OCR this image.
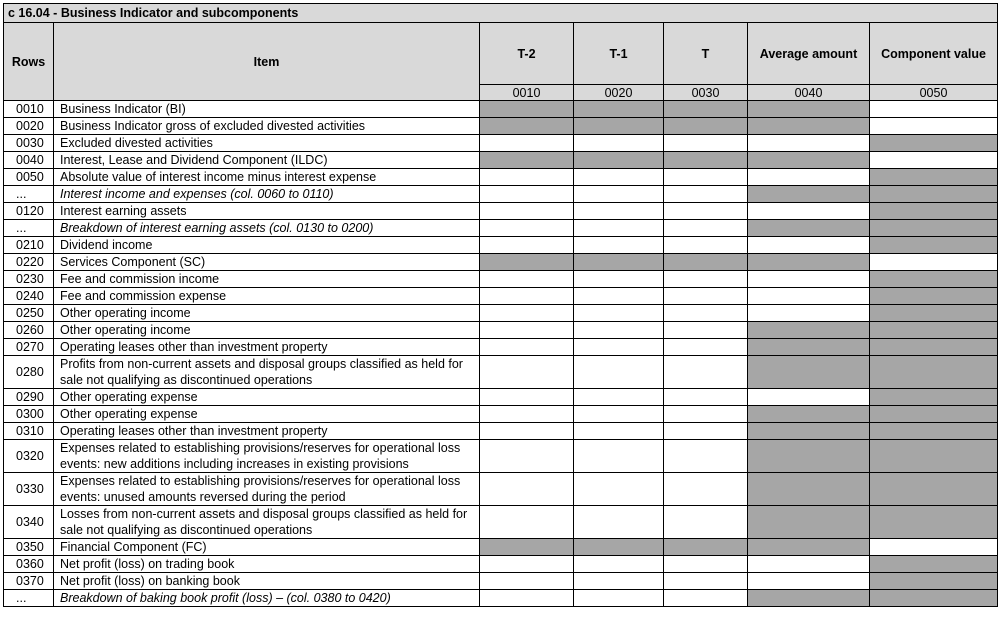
c 16.04 - Business Indicator and subcomponents						
Rows	Item	T-2	T-1	T	Average amount	Component value
		0010	0020	0030	0040	0050
0010	Business Indicator (BI)					
0020	Business Indicator gross of excluded divested activities					
0030	Excluded divested activities					
0040	Interest, Lease and Dividend Component (ILDC)					
0050	Absolute value of interest income minus interest expense					
...	Interest income and expenses (col. 0060 to 0110)					
0120	Interest earning assets					
...	Breakdown of interest earning assets (col. 0130 to 0200)					
0210	Dividend income					
0220	Services Component (SC)					
0230	Fee and commission income					
0240	Fee and commission expense					
0250	Other operating income					
0260	Other operating income					
0270	Operating leases other than investment property					
0280	Profits from non-current assets and disposal groups classified as held for sale not qualifying as discontinued operations					
0290	Other operating expense					
0300	Other operating expense					
0310	Operating leases other than investment property					
0320	Expenses related to establishing provisions/reserves for operational loss events: new additions including increases in existing provisions					
0330	Expenses related to establishing provisions/reserves for operational loss events: unused amounts reversed during the period					
0340	Losses from non-current assets and disposal groups classified as held for sale not qualifying as discontinued operations					
0350	Financial Component (FC)					
0360	Net profit (loss) on trading book					
0370	Net profit (loss) on banking book					
...	Breakdown of baking book profit (loss) – (col. 0380 to 0420)					
